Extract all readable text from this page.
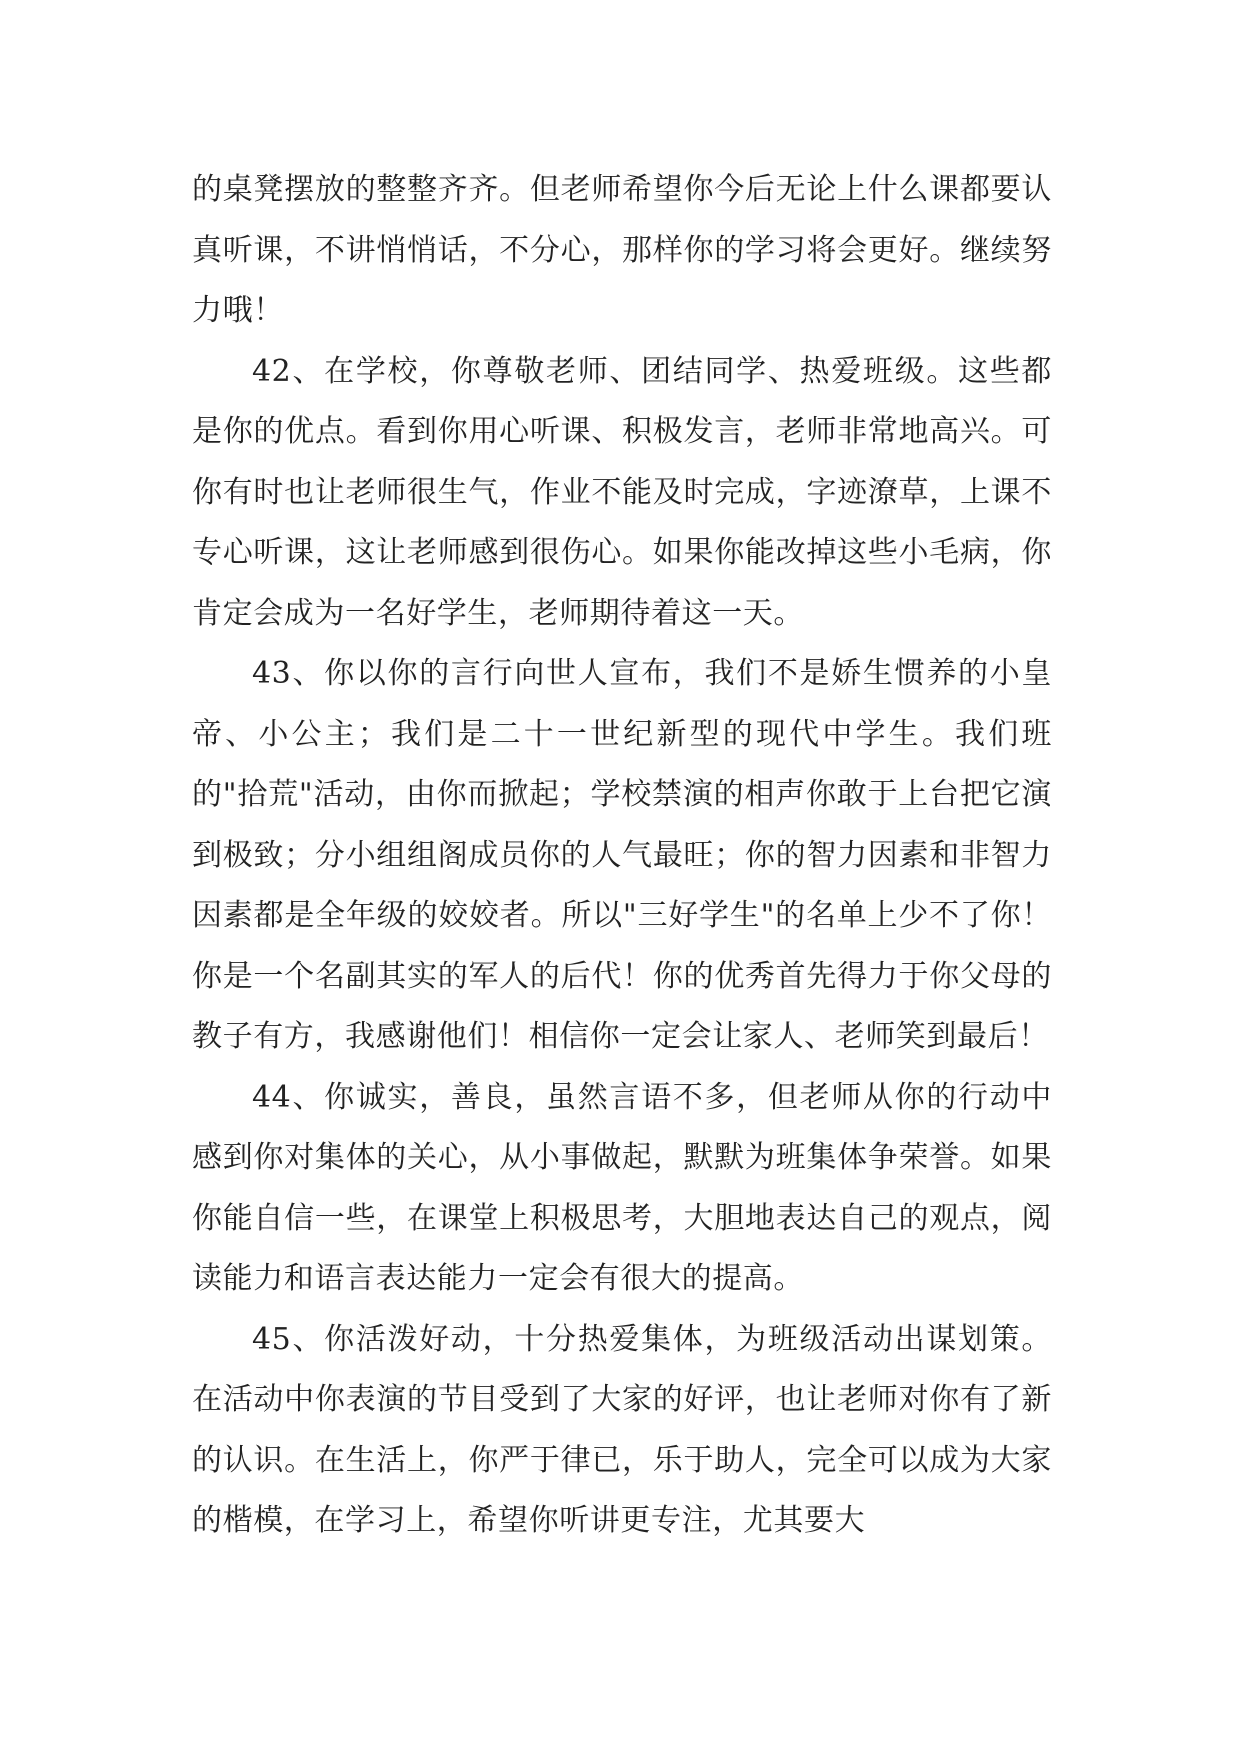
的桌凳摆放的整整齐齐。但老师希望你今后无论上什么课都要认真听课，不讲悄悄话，不分心，那样你的学习将会更好。继续努力哦！

42、在学校，你尊敬老师、团结同学、热爱班级。这些都是你的优点。看到你用心听课、积极发言，老师非常地高兴。可你有时也让老师很生气，作业不能及时完成，字迹潦草，上课不专心听课，这让老师感到很伤心。如果你能改掉这些小毛病，你肯定会成为一名好学生，老师期待着这一天。

43、你以你的言行向世人宣布，我们不是娇生惯养的小皇帝、小公主；我们是二十一世纪新型的现代中学生。我们班的"拾荒"活动，由你而掀起；学校禁演的相声你敢于上台把它演到极致；分小组组阁成员你的人气最旺；你的智力因素和非智力因素都是全年级的姣姣者。所以"三好学生"的名单上少不了你！你是一个名副其实的军人的后代！你的优秀首先得力于你父母的教子有方，我感谢他们！相信你一定会让家人、老师笑到最后！

44、你诚实，善良，虽然言语不多，但老师从你的行动中感到你对集体的关心，从小事做起，默默为班集体争荣誉。如果你能自信一些，在课堂上积极思考，大胆地表达自己的观点，阅读能力和语言表达能力一定会有很大的提高。

45、你活泼好动，十分热爱集体，为班级活动出谋划策。在活动中你表演的节目受到了大家的好评，也让老师对你有了新的认识。在生活上，你严于律已，乐于助人，完全可以成为大家的楷模，在学习上，希望你听讲更专注，尤其要大
